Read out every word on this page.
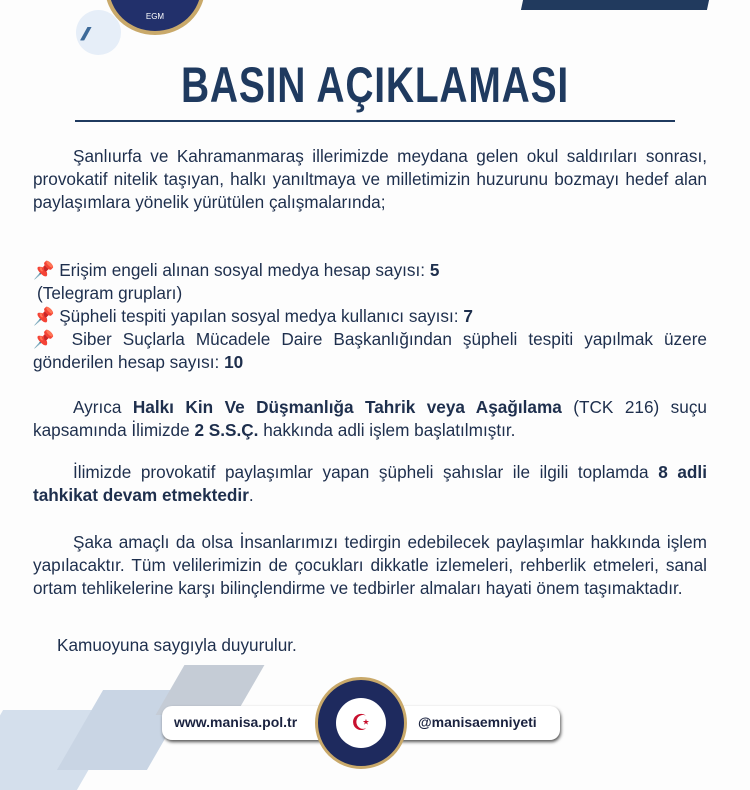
///
EGM
BASIN AÇIKLAMASI
Şanlıurfa ve Kahramanmaraş illerimizde meydana gelen okul saldırıları sonrası, provokatif nitelik taşıyan, halkı yanıltmaya ve milletimizin huzurunu bozmayı hedef alan paylaşımlara yönelik yürütülen çalışmalarında;
📌 Erişim engeli alınan sosyal medya hesap sayısı: 5
(Telegram grupları)
📌 Şüpheli tespiti yapılan sosyal medya kullanıcı sayısı: 7
📌 Siber Suçlarla Mücadele Daire Başkanlığından şüpheli tespiti yapılmak üzere gönderilen hesap sayısı: 10
Ayrıca Halkı Kin Ve Düşmanlığa Tahrik veya Aşağılama (TCK 216) suçu kapsamında İlimizde 2 S.S.Ç. hakkında adli işlem başlatılmıştır.
İlimizde provokatif paylaşımlar yapan şüpheli şahıslar ile ilgili toplamda 8 adli tahkikat devam etmektedir.
Şaka amaçlı da olsa İnsanlarımızı tedirgin edebilecek paylaşımlar hakkında işlem yapılacaktır. Tüm velilerimizin de çocukları dikkatle izlemeleri, rehberlik etmeleri, sanal ortam tehlikelerine karşı bilinçlendirme ve tedbirler almaları hayati önem taşımaktadır.
Kamuoyuna saygıyla duyurulur.
www.manisa.pol.tr	@manisaemniyeti
☪
